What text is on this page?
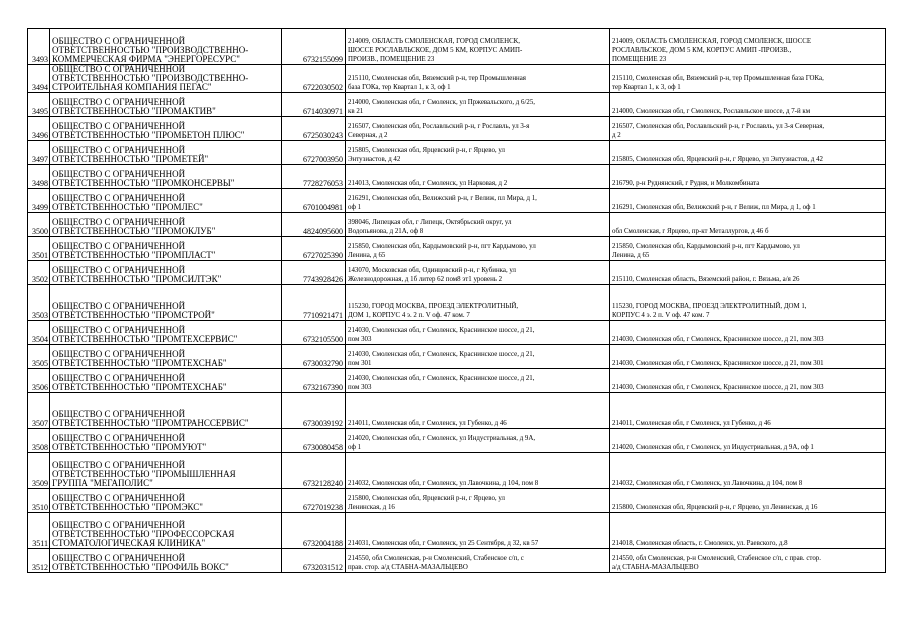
3493	ОБЩЕСТВО С ОГРАНИЧЕННОЙ
ОТВЕТСТВЕННОСТЬЮ "ПРОИЗВОДСТВЕННО-
КОММЕРЧЕСКАЯ ФИРМА "ЭНЕРГОРЕСУРС"	6732155099	214009, ОБЛАСТЬ СМОЛЕНСКАЯ, ГОРОД СМОЛЕНСК,
ШОССЕ РОСЛАВЛЬСКОЕ, ДОМ 5 КМ, КОРПУС АМИП-
ПРОИЗВ., ПОМЕЩЕНИЕ 23	214009, ОБЛАСТЬ СМОЛЕНСКАЯ, ГОРОД СМОЛЕНСК, ШОССЕ
РОСЛАВЛЬСКОЕ, ДОМ 5 КМ, КОРПУС АМИП -ПРОИЗВ.,
ПОМЕЩЕНИЕ 23

3494	ОБЩЕСТВО С ОГРАНИЧЕННОЙ
ОТВЕТСТВЕННОСТЬЮ "ПРОИЗВОДСТВЕННО-
СТРОИТЕЛЬНАЯ КОМПАНИЯ ПЕГАС"	6722030502	215110, Смоленская обл, Вяземский р-н, тер Промышленная
база ГОКа, тер Квартал 1, к 3, оф 1	215110, Смоленская обл, Вяземский р-н, тер Промышленная база ГОКа,
тер Квартал 1, к 3, оф 1

3495	ОБЩЕСТВО С ОГРАНИЧЕННОЙ
ОТВЕТСТВЕННОСТЬЮ "ПРОМАКТИВ"	6714030971	214000, Смоленская обл, г Смоленск, ул Пржевальского, д 6/25,
кв 21	214000, Смоленская обл, г Смоленск, Рославльское шоссе, д 7-й км

3496	ОБЩЕСТВО С ОГРАНИЧЕННОЙ
ОТВЕТСТВЕННОСТЬЮ "ПРОМБЕТОН ПЛЮС"	6725030243	216507, Смоленская обл, Рославльский р-н, г Рославль, ул 3-я
Северная, д 2	216507, Смоленская обл, Рославльский р-н, г Рославль, ул 3-я Северная,
д 2

3497	ОБЩЕСТВО С ОГРАНИЧЕННОЙ
ОТВЕТСТВЕННОСТЬЮ "ПРОМЕТЕЙ"	6727003950	215805, Смоленская обл, Ярцевский р-н, г Ярцево, ул
Энтузиастов, д 42	215805, Смоленская обл, Ярцевский р-н, г Ярцево, ул Энтузиастов, д 42

3498	ОБЩЕСТВО С ОГРАНИЧЕННОЙ
ОТВЕТСТВЕННОСТЬЮ "ПРОМКОНСЕРВЫ"	7728276053	214013, Смоленская обл, г Смоленск, ул Нарковая, д 2	216790, р-н Руднянский, г Рудня, и Молкомбината

3499	ОБЩЕСТВО С ОГРАНИЧЕННОЙ
ОТВЕТСТВЕННОСТЬЮ "ПРОМЛЕС"	6701004981	216291, Смоленская обл, Велижский р-н, г Велиж, пл Мира, д 1,
оф 1	216291, Смоленская обл, Велижский р-н, г Велиж, пл Мира, д 1, оф 1

3500	ОБЩЕСТВО С ОГРАНИЧЕННОЙ
ОТВЕТСТВЕННОСТЬЮ "ПРОМОКЛУБ"	4824095600	398046, Липецкая обл, г Липецк, Октябрьский округ, ул
Водопьянова, д 21А, оф 8	обл Смоленская, г Ярцево, пр-кт Металлургов, д 46 б

3501	ОБЩЕСТВО С ОГРАНИЧЕННОЙ
ОТВЕТСТВЕННОСТЬЮ "ПРОМПЛАСТ"	6727025390	215850, Смоленская обл, Кардымовский р-н, пгт Кардымово, ул
Ленина, д 65	215850, Смоленская обл, Кардымовский р-н, пгт Кардымово, ул
Ленина, д 65

3502	ОБЩЕСТВО С ОГРАНИЧЕННОЙ
ОТВЕТСТВЕННОСТЬЮ "ПРОМСИЛТЭК"	7743928426	143070, Московская обл, Одинцовский р-н, г Кубинка, ул
Железнодорожная, д 1б литер 62 пом8 эт1 уровень 2	215110, Смоленская область, Вяземский район, г. Вязьма, а/я 26

3503	ОБЩЕСТВО С ОГРАНИЧЕННОЙ
ОТВЕТСТВЕННОСТЬЮ "ПРОМСТРОЙ"	7710921471	115230, ГОРОД МОСКВА, ПРОЕЗД ЭЛЕКТРОЛИТНЫЙ,
ДОМ 1, КОРПУС 4 э. 2 п. V оф. 47 ком. 7	115230, ГОРОД МОСКВА, ПРОЕЗД ЭЛЕКТРОЛИТНЫЙ, ДОМ 1,
КОРПУС 4 э. 2 п. V оф. 47 ком. 7

3504	ОБЩЕСТВО С ОГРАНИЧЕННОЙ
ОТВЕТСТВЕННОСТЬЮ "ПРОМТЕХСЕРВИС"	6732105500	214030, Смоленская обл, г Смоленск, Краснинское шоссе, д 21,
пом 303	214030, Смоленская обл, г Смоленск, Краснинское шоссе, д 21, пом 303

3505	ОБЩЕСТВО С ОГРАНИЧЕННОЙ
ОТВЕТСТВЕННОСТЬЮ "ПРОМТЕХСНАБ"	6730032790	214030, Смоленская обл, г Смоленск, Краснинское шоссе, д 21,
пом 301	214030, Смоленская обл, г Смоленск, Краснинское шоссе, д 21, пом 301

3506	ОБЩЕСТВО С ОГРАНИЧЕННОЙ
ОТВЕТСТВЕННОСТЬЮ "ПРОМТЕХСНАБ"	6732167390	214030, Смоленская обл, г Смоленск, Краснинское шоссе, д 21,
пом 303	214030, Смоленская обл, г Смоленск, Краснинское шоссе, д 21, пом 303

3507	ОБЩЕСТВО С ОГРАНИЧЕННОЙ
ОТВЕТСТВЕННОСТЬЮ "ПРОМТРАНССЕРВИС"	6730039192	214011, Смоленская обл, г Смоленск, ул Губенко, д 46	214011, Смоленская обл, г Смоленск, ул Губенко, д 46

3508	ОБЩЕСТВО С ОГРАНИЧЕННОЙ
ОТВЕТСТВЕННОСТЬЮ "ПРОМУЮТ"	6730080458	214020, Смоленская обл, г Смоленск, ул Индустриальная, д 9А,
оф 1	214020, Смоленская обл, г Смоленск, ул Индустриальная, д 9А, оф 1

3509	ОБЩЕСТВО С ОГРАНИЧЕННОЙ
ОТВЕТСТВЕННОСТЬЮ "ПРОМЫШЛЕННАЯ
ГРУППА "МЕГАПОЛИС"	6732128240	214032, Смоленская обл, г Смоленск, ул Лавочкина, д 104, пом 8	214032, Смоленская обл, г Смоленск, ул Лавочкина, д 104, пом 8

3510	ОБЩЕСТВО С ОГРАНИЧЕННОЙ
ОТВЕТСТВЕННОСТЬЮ "ПРОМЭКС"	6727019238	215800, Смоленская обл, Ярцевский р-н, г Ярцево, ул
Ленинская, д 16	215800, Смоленская обл, Ярцевский р-н, г Ярцево, ул Ленинская, д 16

3511	ОБЩЕСТВО С ОГРАНИЧЕННОЙ
ОТВЕТСТВЕННОСТЬЮ "ПРОФЕССОРСКАЯ
СТОМАТОЛОГИЧЕСКАЯ КЛИНИКА"	6732004188	214031, Смоленская обл, г Смоленск, ул 25 Сентября, д 32, кв 57	214018, Смоленская область, г. Смоленск, ул. Раевского, д.8

3512	ОБЩЕСТВО С ОГРАНИЧЕННОЙ
ОТВЕТСТВЕННОСТЬЮ "ПРОФИЛЬ ВОКС"	6732031512	214550, обл Смоленская, р-н Смоленский, Стабенское с/п, с
прав. стор. а/д СТАБНА-МАЗАЛЬЦЕВО	214550, обл Смоленская, р-н Смоленский, Стабенское с/п, с прав. стор.
а/д СТАБНА-МАЗАЛЬЦЕВО
